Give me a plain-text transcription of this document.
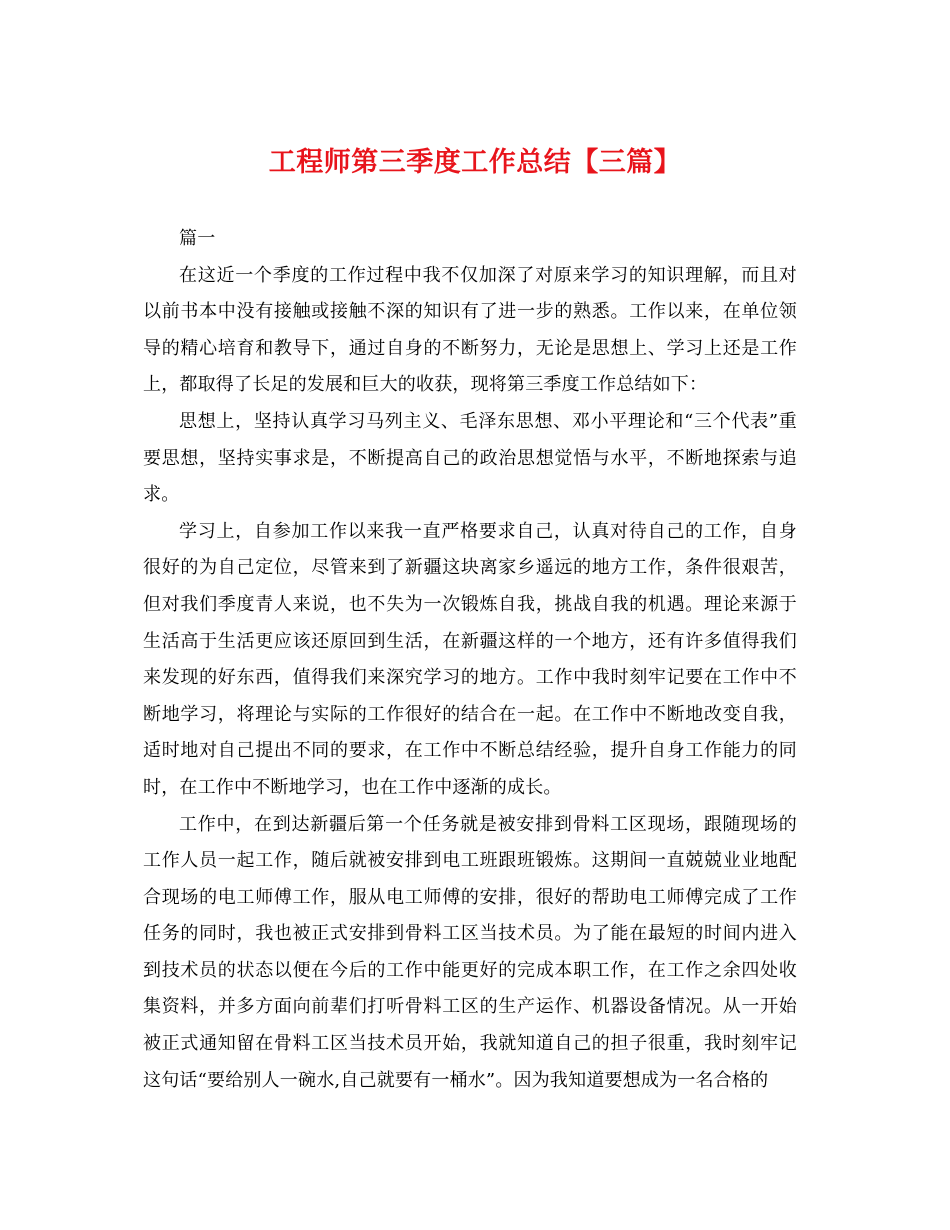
工程师第三季度工作总结【三篇】

篇一

在这近一个季度的工作过程中我不仅加深了对原来学习的知识理解，而且对以前书本中没有接触或接触不深的知识有了进一步的熟悉。工作以来，在单位领导的精心培育和教导下，通过自身的不断努力，无论是思想上、学习上还是工作上，都取得了长足的发展和巨大的收获，现将第三季度工作总结如下：

思想上，坚持认真学习马列主义、毛泽东思想、邓小平理论和“三个代表”重要思想，坚持实事求是，不断提高自己的政治思想觉悟与水平，不断地探索与追求。

学习上，自参加工作以来我一直严格要求自己，认真对待自己的工作，自身很好的为自己定位，尽管来到了新疆这块离家乡遥远的地方工作，条件很艰苦，但对我们季度青人来说，也不失为一次锻炼自我，挑战自我的机遇。理论来源于生活高于生活更应该还原回到生活，在新疆这样的一个地方，还有许多值得我们来发现的好东西，值得我们来深究学习的地方。工作中我时刻牢记要在工作中不断地学习，将理论与实际的工作很好的结合在一起。在工作中不断地改变自我，适时地对自己提出不同的要求，在工作中不断总结经验，提升自身工作能力的同时，在工作中不断地学习，也在工作中逐渐的成长。

工作中，在到达新疆后第一个任务就是被安排到骨料工区现场，跟随现场的工作人员一起工作，随后就被安排到电工班跟班锻炼。这期间一直兢兢业业地配合现场的电工师傅工作，服从电工师傅的安排，很好的帮助电工师傅完成了工作任务的同时，我也被正式安排到骨料工区当技术员。为了能在最短的时间内进入到技术员的状态以便在今后的工作中能更好的完成本职工作，在工作之余四处收集资料，并多方面向前辈们打听骨料工区的生产运作、机器设备情况。从一开始被正式通知留在骨料工区当技术员开始，我就知道自己的担子很重，我时刻牢记这句话“要给别人一碗水,自己就要有一桶水”。因为我知道要想成为一名合格的
